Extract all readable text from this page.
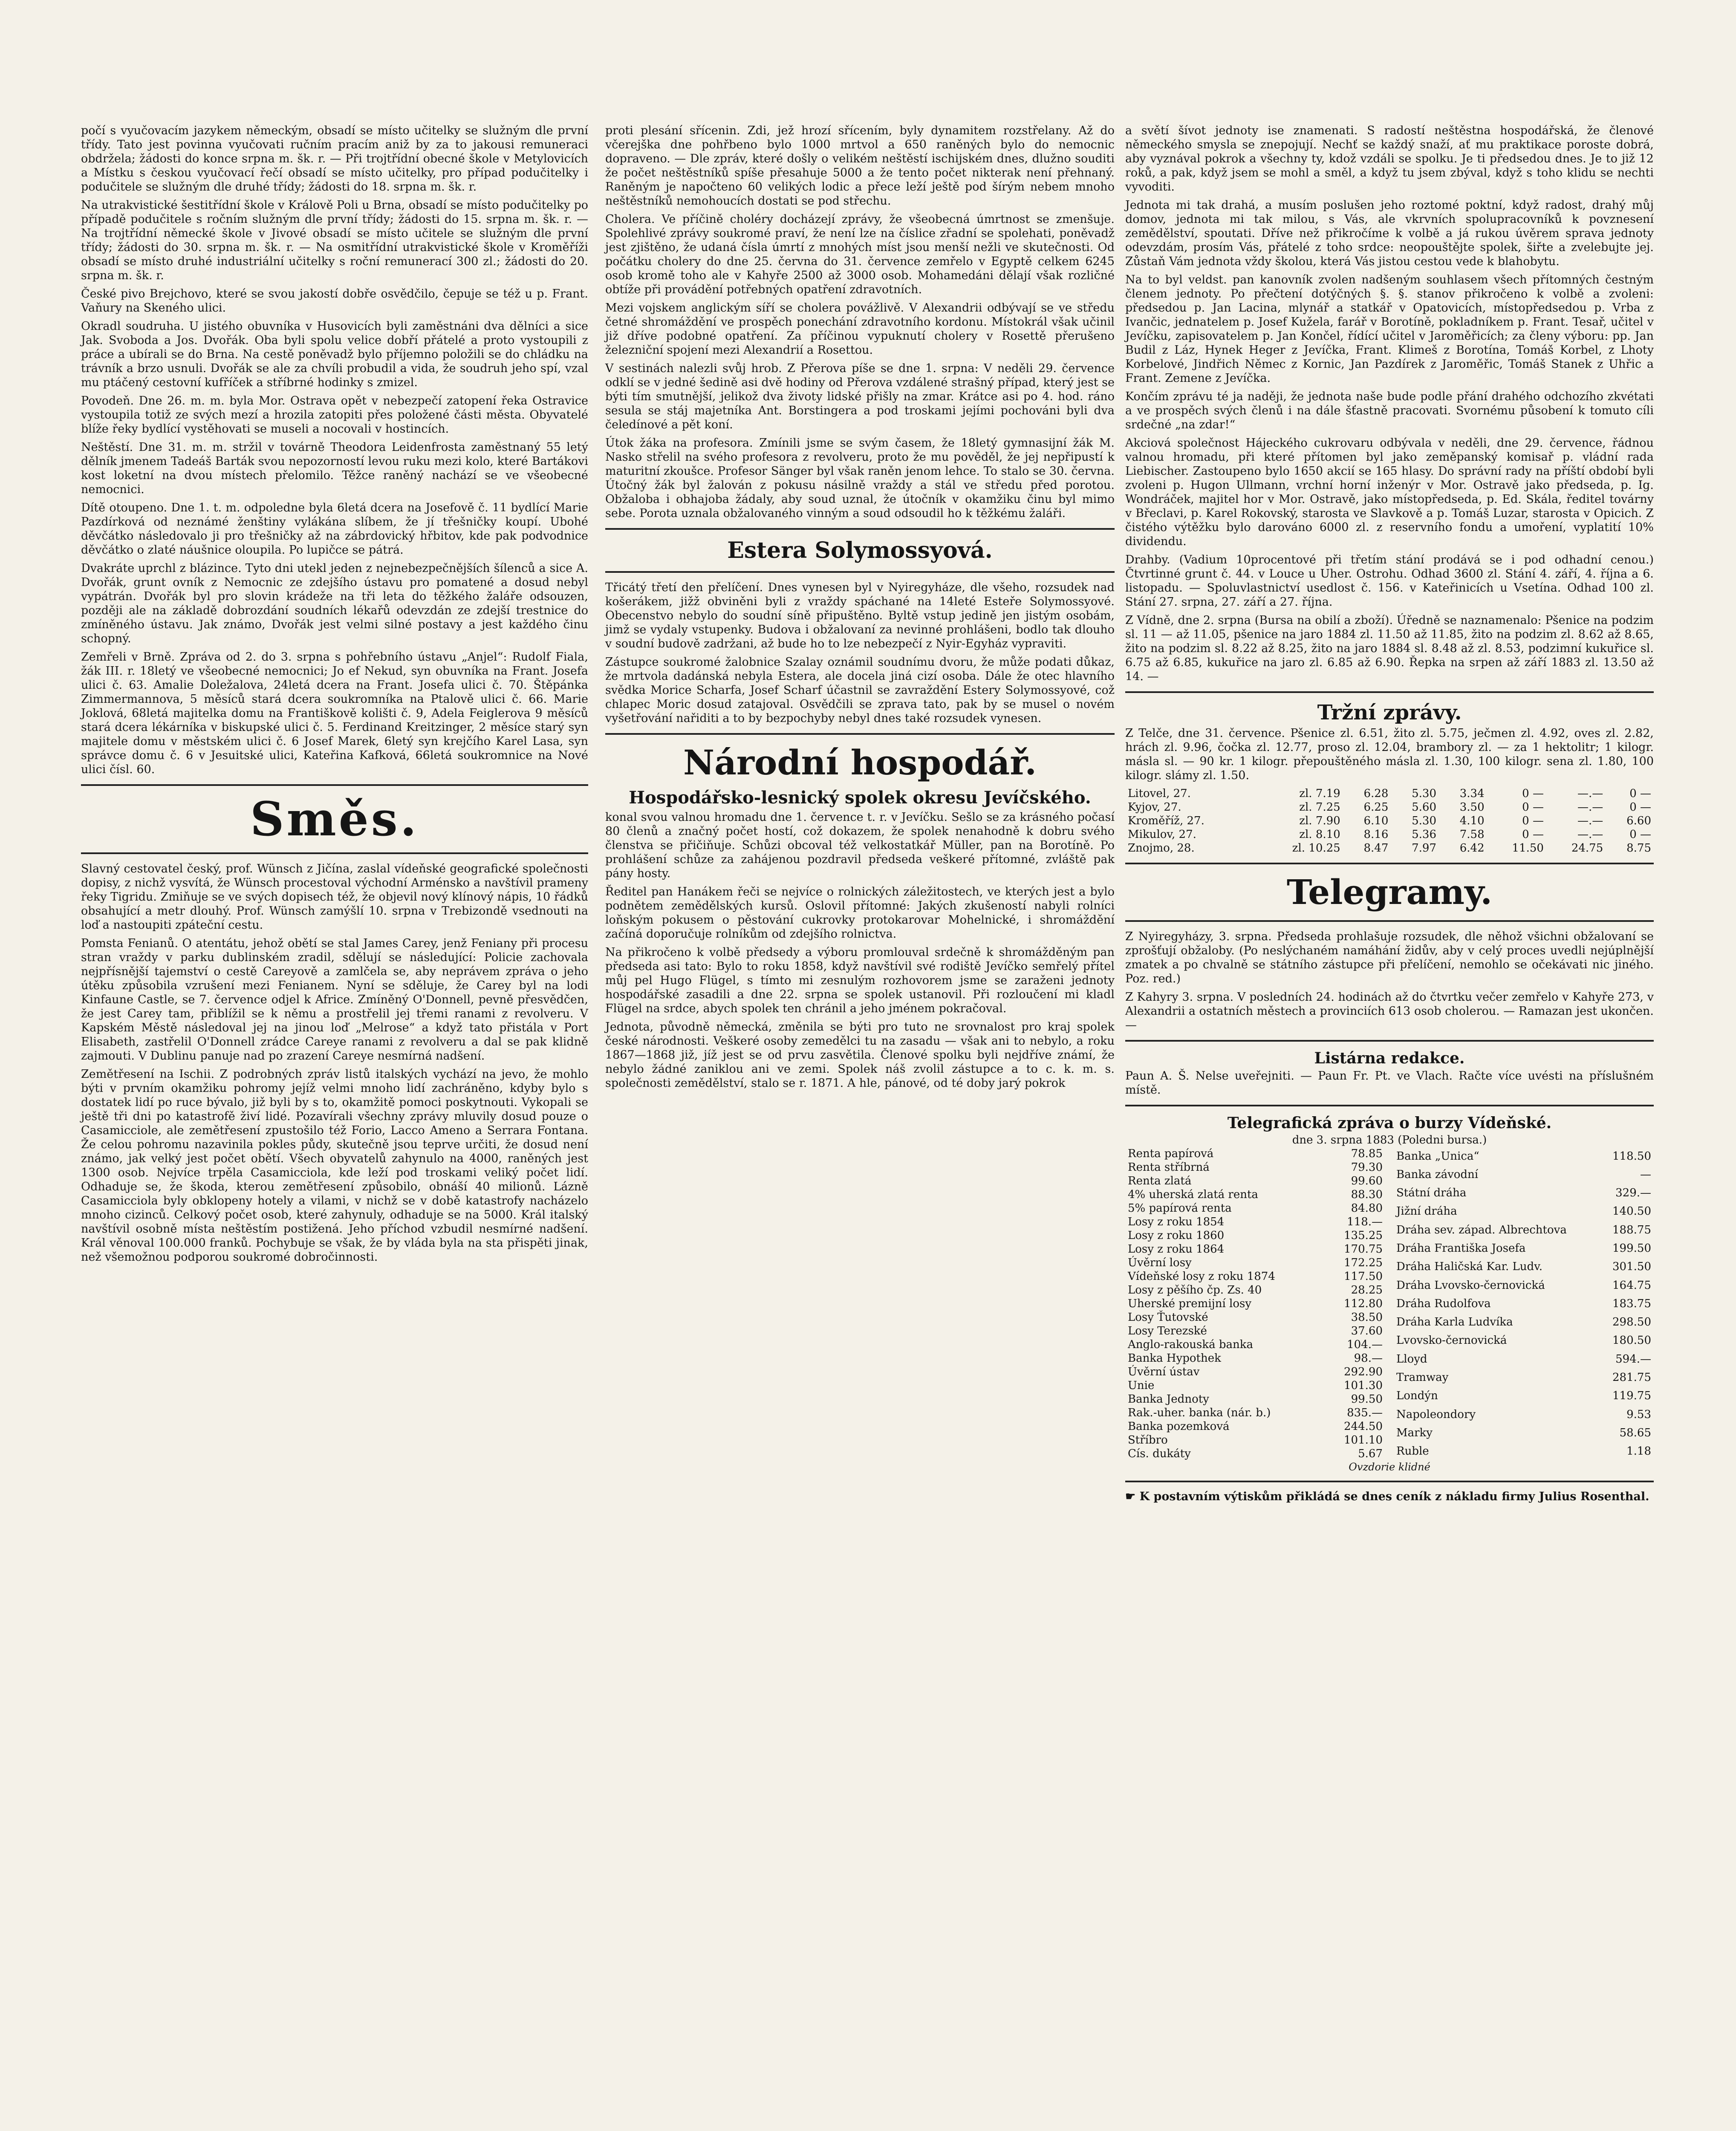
počí s vyučovacím jazykem německým, obsadí se místo učitelky se služným dle první třídy. Tato jest povinna vyučovati ručním pracím aniž by za to jakousi remuneraci obdržela; žádosti do konce srpna m. šk. r. — Při trojtřídní obecné škole v Metylovicích a Místku s českou vyučovací řečí obsadí se místo učitelky, pro případ podučitelky i podučitele se služným dle druhé třídy; žádosti do 18. srpna m. šk. r.

Na utrakvistické šestitřídní škole v Králově Poli u Brna, obsadí se místo podučitelky po případě podučitele s ročním služným dle první třídy; žádosti do 15. srpna m. šk. r. — Na trojtřídní německé škole v Jivové obsadí se místo učitele se služným dle první třídy; žádosti do 30. srpna m. šk. r. — Na osmitřídní utrakvistické škole v Kroměříži obsadí se místo druhé industriální učitelky s roční remunerací 300 zl.; žádosti do 20. srpna m. šk. r.

České pivo Brejchovo, které se svou jakostí dobře osvědčilo, čepuje se též u p. Frant. Vaňury na Skeného ulici.

Okradl soudruha. U jistého obuvníka v Husovicích byli zaměstnáni dva dělníci a sice Jak. Svoboda a Jos. Dvořák. Oba byli spolu velice dobří přátelé a proto vystoupili z práce a ubírali se do Brna. Na cestě poněvadž bylo příjemno položili se do chládku na trávník a brzo usnuli. Dvořák se ale za chvíli probudil a vida, že soudruh jeho spí, vzal mu ptáčený cestovní kufříček a stříbrné hodinky s zmizel.

Povodeň. Dne 26. m. m. byla Mor. Ostrava opět v nebezpečí zatopení řeka Ostravice vystoupila totiž ze svých mezí a hrozila zatopiti přes položené části města. Obyvatelé blíže řeky bydlící vystěhovati se museli a nocovali v hostincích.

Neštěstí. Dne 31. m. m. stržil v továrně Theodora Leidenfrosta zaměstnaný 55 letý dělník jmenem Tadeáš Barták svou nepozorností levou ruku mezi kolo, které Bartákovi kost loketní na dvou místech přelomilo. Těžce raněný nachází se ve všeobecné nemocnici.

Dítě otoupeno. Dne 1. t. m. odpoledne byla 6letá dcera na Josefově č. 11 bydlící Marie Pazdírková od neznámé ženštiny vylákána slíbem, že jí třešničky koupí. Ubohé děvčátko následovalo ji pro třešničky až na zábrdovický hřbitov, kde pak podvodnice děvčátko o zlaté náušnice oloupila. Po lupičce se pátrá.

Dvakráte uprchl z blázince. Tyto dni utekl jeden z nejnebezpečnějších šílenců a sice A. Dvořák, grunt ovník z Nemocnic ze zdejšího ústavu pro pomatené a dosud nebyl vypátrán. Dvořák byl pro slovin krádeže na tři leta do těžkého žaláře odsouzen, později ale na základě dobrozdání soudních lékařů odevzdán ze zdejší trestnice do zmíněného ústavu. Jak známo, Dvořák jest velmi silné postavy a jest každého činu schopný.

Zemřeli v Brně. Zpráva od 2. do 3. srpna s pohřebního ústavu „Anjel“: Rudolf Fiala, žák III. r. 18letý ve všeobecné nemocnici; Jo ef Nekud, syn obuvníka na Frant. Josefa ulici č. 63. Amalie Doležalova, 24letá dcera na Frant. Josefa ulici č. 70. Štěpánka Zimmermannova, 5 měsíců stará dcera soukromníka na Ptalově ulici č. 66. Marie Joklová, 68letá majitelka domu na Františkově kolišti č. 9, Adela Feiglerova 9 měsíců stará dcera lékárníka v biskupské ulici č. 5. Ferdinand Kreitzinger, 2 měsíce starý syn majitele domu v městském ulici č. 6 Josef Marek, 6letý syn krejčího Karel Lasa, syn správce domu č. 6 v Jesuitské ulici, Kateřina Kafková, 66letá soukromnice na Nové ulici čísl. 60.

Směs.

Slavný cestovatel český, prof. Wünsch z Jičína, zaslal vídeňské geografické společnosti dopisy, z nichž vysvítá, že Wünsch procestoval východní Arménsko a navštívil prameny řeky Tigridu. Zmiňuje se ve svých dopisech též, že objevil nový klínový nápis, 10 řádků obsahující a metr dlouhý. Prof. Wünsch zamýšlí 10. srpna v Trebizondě vsednouti na loď a nastoupiti zpáteční cestu.

Pomsta Fenianů. O atentátu, jehož obětí se stal James Carey, jenž Feniany při procesu stran vraždy v parku dublinském zradil, sdělují se následující: Policie zachovala nejpřísnější tajemství o cestě Careyově a zamlčela se, aby neprávem zpráva o jeho útěku způsobila vzrušení mezi Fenianem. Nyní se sděluje, že Carey byl na lodi Kinfaune Castle, se 7. července odjel k Africe. Zmíněný O'Donnell, pevně přesvědčen, že jest Carey tam, přiblížil se k němu a prostřelil jej třemi ranami z revolveru. V Kapském Městě následoval jej na jinou loď „Melrose“ a když tato přistála v Port Elisabeth, zastřelil O'Donnell zrádce Careye ranami z revolveru a dal se pak klidně zajmouti. V Dublinu panuje nad po zrazení Careye nesmírná nadšení.

Zemětřesení na Ischii. Z podrobných zpráv listů italských vychází na jevo, že mohlo býti v prvním okamžiku pohromy jejíž velmi mnoho lidí zachráněno, kdyby bylo s dostatek lidí po ruce bývalo, již byli by s to, okamžitě pomoci poskytnouti. Vykopali se ještě tři dni po katastrofě živí lidé. Pozavírali všechny zprávy mluvily dosud pouze o Casamicciole, ale zemětřesení zpustošilo též Forio, Lacco Ameno a Serrara Fontana. Že celou pohromu nazavinila pokles půdy, skutečně jsou teprve určiti, že dosud není známo, jak velký jest počet obětí. Všech obyvatelů zahynulo na 4000, raněných jest 1300 osob. Nejvíce trpěla Casamicciola, kde leží pod troskami veliký počet lidí. Odhaduje se, že škoda, kterou zemětřesení způsobilo, obnáší 40 milionů. Lázně Casamicciola byly obklopeny hotely a vilami, v nichž se v době katastrofy nacházelo mnoho cizinců. Celkový počet osob, které zahynuly, odhaduje se na 5000. Král italský navštívil osobně místa neštěstím postižená. Jeho příchod vzbudil nesmírné nadšení. Král věnoval 100.000 franků. Pochybuje se však, že by vláda byla na sta přispěti jinak, než všemožnou podporou soukromé dobročinnosti.

proti plesání sřícenin. Zdi, jež hrozí sřícením, byly dynamitem rozstřelany. Až do včerejška dne pohřbeno bylo 1000 mrtvol a 650 raněných bylo do nemocnic dopraveno. — Dle zpráv, které došly o velikém neštěstí ischijském dnes, dlužno souditi že počet neštěstníků spíše přesahuje 5000 a že tento počet nikterak není přehnaný. Raněným je napočteno 60 velikých lodic a přece leží ještě pod šírým nebem mnoho neštěstníků nemohoucích dostati se pod střechu.

Cholera. Ve příčině choléry docházejí zprávy, že všeobecná úmrtnost se zmenšuje. Spolehlivé zprávy soukromé praví, že není lze na číslice zřadní se spolehati, poněvadž jest zjištěno, že udaná čísla úmrtí z mnohých míst jsou menší nežli ve skutečnosti. Od počátku cholery do dne 25. června do 31. července zemřelo v Egyptě celkem 6245 osob kromě toho ale v Kahyře 2500 až 3000 osob. Mohamedáni dělají však rozličné obtíže při provádění potřebných opatření zdravotních.

Mezi vojskem anglickým síří se cholera povážlivě. V Alexandrii odbývají se ve středu četné shromáždění ve prospěch ponechání zdravotního kordonu. Místokrál však učinil již dříve podobné opatření. Za příčinou vypuknutí cholery v Rosettě přerušeno železniční spojení mezi Alexandrií a Rosettou.

V sestinách nalezli svůj hrob. Z Přerova píše se dne 1. srpna: V neděli 29. července odklí se v jedné šedině asi dvě hodiny od Přerova vzdálené strašný případ, který jest se býti tím smutnější, jelikož dva životy lidské přišly na zmar. Krátce asi po 4. hod. ráno sesula se stáj majetníka Ant. Borstingera a pod troskami jejími pochováni byli dva čeledínové a pět koní.

Útok žáka na profesora. Zmínili jsme se svým časem, že 18letý gymnasijní žák M. Nasko střelil na svého profesora z revolveru, proto že mu pověděl, že jej nepřipustí k maturitní zkoušce. Profesor Sänger byl však raněn jenom lehce. To stalo se 30. června. Útočný žák byl žalován z pokusu násilně vraždy a stál ve středu před porotou. Obžaloba i obhajoba žádaly, aby soud uznal, že útočník v okamžiku činu byl mimo sebe. Porota uznala obžalovaného vinným a soud odsoudil ho k těžkému žaláři.

Estera Solymossyová.

Třicátý třetí den přelíčení. Dnes vynesen byl v Nyiregyháze, dle všeho, rozsudek nad košerákem, jižž obviněni byli z vraždy spáchané na 14leté Esteře Solymossyové. Obecenstvo nebylo do soudní síně připuštěno. Byltě vstup jedině jen jistým osobám, jimž se vydaly vstupenky. Budova i obžalovaní za nevinné prohlášeni, bodlo tak dlouho v soudní budově zadržani, až bude ho to lze nebezpečí z Nyir-Egyház vypraviti.

Zástupce soukromé žalobnice Szalay oznámil soudnímu dvoru, že může podati důkaz, že mrtvola dadánská nebyla Estera, ale docela jiná cizí osoba. Dále že otec hlavního svědka Morice Scharfa, Josef Scharf účastnil se zavraždění Estery Solymossyové, což chlapec Moric dosud zatajoval. Osvědčili se zprava tato, pak by se musel o novém vyšetřování nařiditi a to by bezpochyby nebyl dnes také rozsudek vynesen.

Národní hospodář.
Hospodářsko-lesnický spolek okresu Jevíčského.

konal svou valnou hromadu dne 1. července t. r. v Jevíčku. Sešlo se za krásného počasí 80 členů a značný počet hostí, což dokazem, že spolek nenahodně k dobru svého členstva se přičiňuje. Schůzi obcoval též velkostatkář Müller, pan na Borotíně. Po prohlášení schůze za zahájenou pozdravil předseda veškeré přítomné, zvláště pak pány hosty.

Ředitel pan Hanákem řeči se nejvíce o rolnických záležitostech, ve kterých jest a bylo podnětem zemědělských kursů. Oslovil přítomné: Jakých zkušeností nabyli rolníci loňským pokusem o pěstování cukrovky protokarovar Mohelnické, i shromáždění začíná doporučuje rolníkům od zdejšího rolnictva.

Na přikročeno k volbě předsedy a výboru promlouval srdečně k shromážděným pan předseda asi tato: Bylo to roku 1858, když navštívil své rodiště Jevíčko semřelý přítel můj pel Hugo Flügel, s tímto mi zesnulým rozhovorem jsme se zaraženi jednoty hospodářské zasadili a dne 22. srpna se spolek ustanovil. Při rozloučení mi kladl Flügel na srdce, abych spolek ten chránil a jeho jménem pokračoval.

Jednota, původně německá, změnila se býti pro tuto ne srovnalost pro kraj spolek české národnosti. Veškeré osoby zemedělci tu na zasadu — však ani to nebylo, a roku 1867—1868 již, jíž jest se od prvu zasvětila. Členové spolku byli nejdříve známí, že nebylo žádné zaniklou ani ve zemi. Spolek náš zvolil zástupce a to c. k. m. s. společnosti zemědělství, stalo se r. 1871. A hle, pánové, od té doby jarý pokrok

a světí šívot jednoty ise znamenati. S radostí neštěstna hospodářská, že členové německého smysla se znepojují. Nechť se každý snaží, ať mu praktikace poroste dobrá, aby vyznával pokrok a všechny ty, kdož vzdáli se spolku. Je ti předsedou dnes. Je to již 12 roků, a pak, když jsem se mohl a směl, a když tu jsem zbýval, když s toho klidu se nechti vyvoditi.

Jednota mi tak drahá, a musím poslušen jeho roztomé poktní, když radost, drahý můj domov, jednota mi tak milou, s Vás, ale vkrvních spolupracovníků k povznesení zemědělství, spoutati. Dříve než přikročíme k volbě a já rukou úvěrem sprava jednoty odevzdám, prosím Vás, přátelé z toho srdce: neopouštějte spolek, šiřte a zvelebujte jej. Zůstaň Vám jednota vždy školou, která Vás jistou cestou vede k blahobytu.

Na to byl veldst. pan kanovník zvolen nadšeným souhlasem všech přítomných čestným členem jednoty. Po přečtení dotýčných §. §. stanov přikročeno k volbě a zvoleni: předsedou p. Jan Lacina, mlynář a statkář v Opatovicích, místopředsedou p. Vrba z Ivančic, jednatelem p. Josef Kužela, farář v Borotíně, pokladníkem p. Frant. Tesař, učitel v Jevíčku, zapisovatelem p. Jan Končel, řídící učitel v Jaroměřicích; za členy výboru: pp. Jan Budil z Láz, Hynek Heger z Jevíčka, Frant. Klimeš z Borotína, Tomáš Korbel, z Lhoty Korbelové, Jindřich Němec z Kornic, Jan Pazdírek z Jaroměřic, Tomáš Stanek z Uhřic a Frant. Zemene z Jevíčka.

Končím zprávu té ja naději, že jednota naše bude podle přání drahého odchozího zkvétati a ve prospěch svých členů i na dále šťastně pracovati. Svornému působení k tomuto cíli srdečné „na zdar!“

Akciová společnost Hájeckého cukrovaru odbývala v neděli, dne 29. července, řádnou valnou hromadu, při které přítomen byl jako zeměpanský komisař p. vládní rada Liebischer. Zastoupeno bylo 1650 akcií se 165 hlasy. Do správní rady na příští období byli zvoleni p. Hugon Ullmann, vrchní horní inženýr v Mor. Ostravě jako předseda, p. Ig. Wondráček, majitel hor v Mor. Ostravě, jako místopředseda, p. Ed. Skála, ředitel továrny v Břeclavi, p. Karel Rokovský, starosta ve Slavkově a p. Tomáš Luzar, starosta v Opicich. Z čistého výtěžku bylo darováno 6000 zl. z reservního fondu a umoření, vyplatití 10% dividendu.

Drahby. (Vadium 10procentové při třetím stání prodává se i pod odhadní cenou.) Čtvrtinné grunt č. 44. v Louce u Uher. Ostrohu. Odhad 3600 zl. Stání 4. září, 4. října a 6. listopadu. — Spoluvlastnictví usedlost č. 156. v Kateřinicích u Vsetína. Odhad 100 zl. Stání 27. srpna, 27. září a 27. října.

Z Vídně, dne 2. srpna (Bursa na obilí a zboží). Úředně se naznamenalo: Pšenice na podzim sl. 11 — až 11.05, pšenice na jaro 1884 zl. 11.50 až 11.85, žito na podzim zl. 8.62 až 8.65, žito na podzim sl. 8.22 až 8.25, žito na jaro 1884 sl. 8.48 až zl. 8.53, podzimní kukuřice sl. 6.75 až 6.85, kukuřice na jaro zl. 6.85 až 6.90. Řepka na srpen až září 1883 zl. 13.50 až 14. —

Tržní zprávy.

Z Telče, dne 31. července. Pšenice zl. 6.51, žito zl. 5.75, ječmen zl. 4.92, oves zl. 2.82, hrách zl. 9.96, čočka zl. 12.77, proso zl. 12.04, brambory zl. — za 1 hektolitr; 1 kilogr. másla sl. — 90 kr. 1 kilogr. přepouštěného másla zl. 1.30, 100 kilogr. sena zl. 1.80, 100 kilogr. slámy zl. 1.50.

Litovel, 27.	zl. 7.19	6.28	5.30	3.34	0 —	—.—	0 —
Kyjov, 27.	zl. 7.25	6.25	5.60	3.50	0 —	—.—	0 —
Kroměříž, 27.	zl. 7.90	6.10	5.30	4.10	0 —	—.—	6.60
Mikulov, 27.	zl. 8.10	8.16	5.36	7.58	0 —	—.—	0 —
Znojmo, 28.	zl. 10.25	8.47	7.97	6.42	11.50	24.75	8.75
Telegramy.

Z Nyiregyházy, 3. srpna. Předseda prohlašuje rozsudek, dle něhož všichni obžalovaní se zprošťují obžaloby. (Po neslýchaném namáhání židův, aby v celý proces uvedli nejúplnější zmatek a po chvalně se státního zástupce při přelíčení, nemohlo se očekávati nic jiného. Poz. red.)

Z Kahyry 3. srpna. V posledních 24. hodinách až do čtvrtku večer zemřelo v Kahyře 273, v Alexandrii a ostatních městech a provinciích 613 osob cholerou. — Ramazan jest ukončen. —

Listárna redakce.

Paun A. Š. Nelse uveřejniti. — Paun Fr. Pt. ve Vlach. Račte více uvésti na příslušném místě.

Telegrafická zpráva o burzy Vídeňské.
dne 3. srpna 1883 (Poledni bursa.)
Renta papírová	78.85
Renta stříbrná	79.30
Renta zlatá	99.60
4% uherská zlatá renta	88.30
5% papírová renta	84.80
Losy z roku 1854	118.—
Losy z roku 1860	135.25
Losy z roku 1864	170.75
Úvěrní losy	172.25
Vídeňské losy z roku 1874	117.50
Losy z pěšího čp. Zs. 40	28.25
Uherské premijní losy	112.80
Losy Ťutovské	38.50
Losy Terezské	37.60
Anglo-rakouská banka	104.—
Banka Hypothek	98.—
Úvěrní ústav	292.90
Unie	101.30
Banka Jednoty	99.50
Rak.-uher. banka (nár. b.)	835.—
Banka pozemková	244.50
Stříbro	101.10
Cís. dukáty	5.67
Banka „Unica“	118.50
Banka závodní	—
Státní dráha	329.—
Jižní dráha	140.50
Dráha sev. západ. Albrechtova	188.75
Dráha Františka Josefa	199.50
Dráha Haličská Kar. Ludv.	301.50
Dráha Lvovsko-černovická	164.75
Dráha Rudolfova	183.75
Dráha Karla Ludvíka	298.50
Lvovsko-černovická	180.50
Lloyd	594.—
Tramway	281.75
Londýn	119.75
Napoleondory	9.53
Marky	58.65
Ruble	1.18
Ovzdorie klidné
☛ K postavním výtiskům přikládá se dnes ceník z nákladu firmy Julius Rosenthal.
